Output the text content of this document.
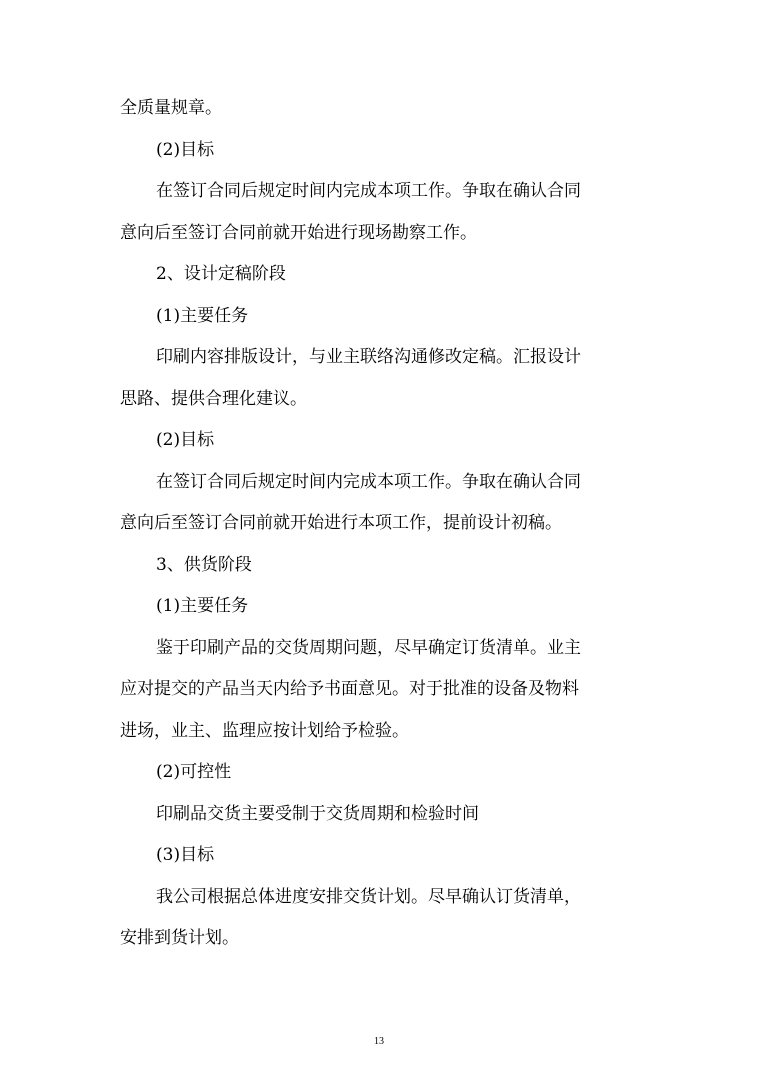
全质量规章。
(2)目标
在签订合同后规定时间内完成本项工作。争取在确认合同
意向后至签订合同前就开始进行现场勘察工作。
2、设计定稿阶段
(1)主要任务
印刷内容排版设计，与业主联络沟通修改定稿。汇报设计
思路、提供合理化建议。
(2)目标
在签订合同后规定时间内完成本项工作。争取在确认合同
意向后至签订合同前就开始进行本项工作，提前设计初稿。
3、供货阶段
(1)主要任务
鉴于印刷产品的交货周期问题，尽早确定订货清单。业主
应对提交的产品当天内给予书面意见。对于批准的设备及物料
进场，业主、监理应按计划给予检验。
(2)可控性
印刷品交货主要受制于交货周期和检验时间
(3)目标
我公司根据总体进度安排交货计划。尽早确认订货清单，
安排到货计划。
13
